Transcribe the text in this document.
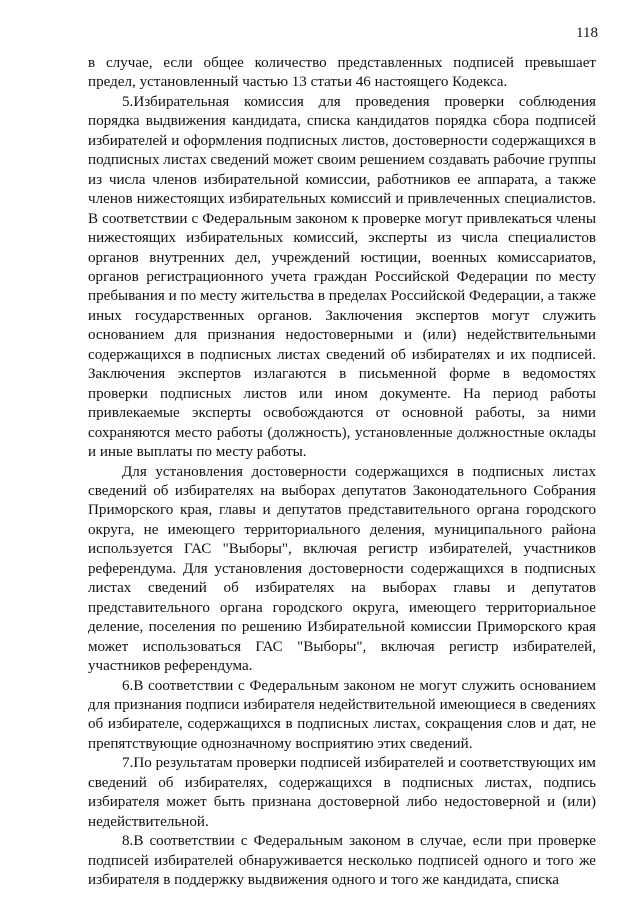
118

в случае, если общее количество представленных подписей превышает предел, установленный частью 13 статьи 46 настоящего Кодекса.

5.Избирательная комиссия для проведения проверки соблюдения порядка выдвижения кандидата, списка кандидатов порядка сбора подписей избирателей и оформления подписных листов, достоверности содержащихся в подписных листах сведений может своим решением создавать рабочие группы из числа членов избирательной комиссии, работников ее аппарата, а также членов нижестоящих избирательных комиссий и привлеченных специалистов. В соответствии с Федеральным законом к проверке могут привлекаться члены нижестоящих избирательных комиссий, эксперты из числа специалистов органов внутренних дел, учреждений юстиции, военных комиссариатов, органов регистрационного учета граждан Российской Федерации по месту пребывания и по месту жительства в пределах Российской Федерации, а также иных государственных органов. Заключения экспертов могут служить основанием для признания недостоверными и (или) недействительными содержащихся в подписных листах сведений об избирателях и их подписей. Заключения экспертов излагаются в письменной форме в ведомостях проверки подписных листов или ином документе. На период работы привлекаемые эксперты освобождаются от основной работы, за ними сохраняются место работы (должность), установленные должностные оклады и иные выплаты по месту работы.

Для установления достоверности содержащихся в подписных листах сведений об избирателях на выборах депутатов Законодательного Собрания Приморского края, главы и депутатов представительного органа городского округа, не имеющего территориального деления, муниципального района используется ГАС "Выборы", включая регистр избирателей, участников референдума. Для установления достоверности содержащихся в подписных листах сведений об избирателях на выборах главы и депутатов представительного органа городского округа, имеющего территориальное деление, поселения по решению Избирательной комиссии Приморского края может использоваться ГАС "Выборы", включая регистр избирателей, участников референдума.

6.В соответствии с Федеральным законом не могут служить основанием для признания подписи избирателя недействительной имеющиеся в сведениях об избирателе, содержащихся в подписных листах, сокращения слов и дат, не препятствующие однозначному восприятию этих сведений.

7.По результатам проверки подписей избирателей и соответствующих им сведений об избирателях, содержащихся в подписных листах, подпись избирателя может быть признана достоверной либо недостоверной и (или) недействительной.

8.В соответствии с Федеральным законом в случае, если при проверке подписей избирателей обнаруживается несколько подписей одного и того же избирателя в поддержку выдвижения одного и того же кандидата, списка
